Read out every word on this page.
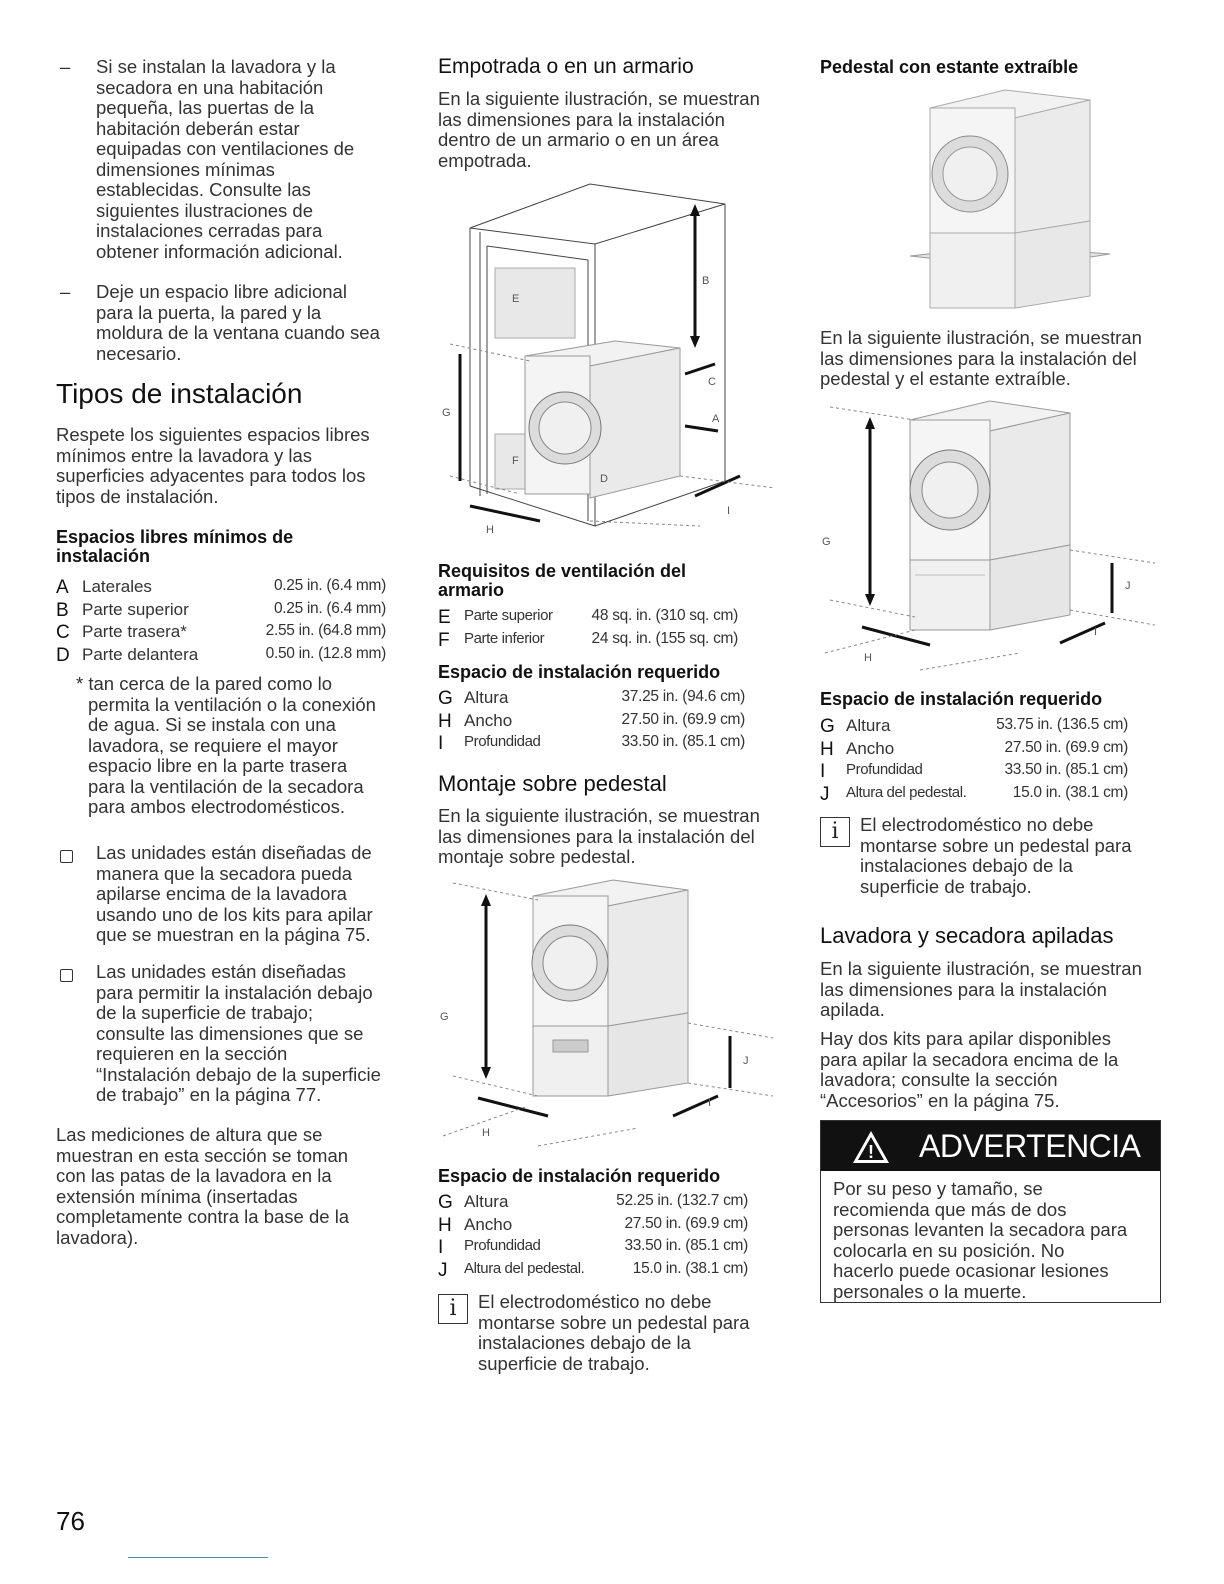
– Si se instalan la lavadora y la
secadora en una habitación
pequeña, las puertas de la
habitación deberán estar
equipadas con ventilaciones de
dimensiones mínimas
establecidas. Consulte las
siguientes ilustraciones de
instalaciones cerradas para
obtener información adicional.
– Deje un espacio libre adicional
para la puerta, la pared y la
moldura de la ventana cuando sea
necesario.
Tipos de instalación
Respete los siguientes espacios libres
mínimos entre la lavadora y las
superficies adyacentes para todos los
tipos de instalación.
Espacios libres mínimos de
instalación
A	Laterales	0.25 in. (6.4 mm)
B	Parte superior	0.25 in. (6.4 mm)
C	Parte trasera*	2.55 in. (64.8 mm)
D	Parte delantera	0.50 in. (12.8 mm)
* tan cerca de la pared como lo
permita la ventilación o la conexión
de agua. Si se instala con una
lavadora, se requiere el mayor
espacio libre en la parte trasera
para la ventilación de la secadora
para ambos electrodomésticos.
Las unidades están diseñadas de
manera que la secadora pueda
apilarse encima de la lavadora
usando uno de los kits para apilar
que se muestran en la página 75.
Las unidades están diseñadas
para permitir la instalación debajo
de la superficie de trabajo;
consulte las dimensiones que se
requieren en la sección
“Instalación debajo de la superficie
de trabajo” en la página 77.
Las mediciones de altura que se
muestran en esta sección se toman
con las patas de la lavadora en la
extensión mínima (insertadas
completamente contra la base de la
lavadora).
76
Empotrada o en un armario
En la siguiente ilustración, se muestran
las dimensiones para la instalación
dentro de un armario o en un área
empotrada.
E
B
C
A
G
F
D
H
I
Requisitos de ventilación del
armario
E	Parte superior	48 sq. in. (310 sq. cm)
F	Parte inferior	24 sq. in. (155 sq. cm)
Espacio de instalación requerido
G	Altura	37.25 in. (94.6 cm)
H	Ancho	27.50 in. (69.9 cm)
I	Profundidad	33.50 in. (85.1 cm)
Montaje sobre pedestal
En la siguiente ilustración, se muestran
las dimensiones para la instalación del
montaje sobre pedestal.
G
J
H
I
Espacio de instalación requerido
G	Altura	52.25 in. (132.7 cm)
H	Ancho	27.50 in. (69.9 cm)
I	Profundidad	33.50 in. (85.1 cm)
J	Altura del pedestal.	15.0 in. (38.1 cm)
i	El electrodoméstico no debe
montarse sobre un pedestal para
instalaciones debajo de la
superficie de trabajo.
Pedestal con estante extraíble
En la siguiente ilustración, se muestran
las dimensiones para la instalación del
pedestal y el estante extraíble.
G
J
H
I
Espacio de instalación requerido
G	Altura	53.75 in. (136.5 cm)
H	Ancho	27.50 in. (69.9 cm)
I	Profundidad	33.50 in. (85.1 cm)
J	Altura del pedestal.	15.0 in. (38.1 cm)
i	El electrodoméstico no debe
montarse sobre un pedestal para
instalaciones debajo de la
superficie de trabajo.
Lavadora y secadora apiladas
En la siguiente ilustración, se muestran
las dimensiones para la instalación
apilada.
Hay dos kits para apilar disponibles
para apilar la secadora encima de la
lavadora; consulte la sección
“Accesorios” en la página 75.
! ADVERTENCIA
Por su peso y tamaño, se
recomienda que más de dos
personas levanten la secadora para
colocarla en su posición. No
hacerlo puede ocasionar lesiones
personales o la muerte.
